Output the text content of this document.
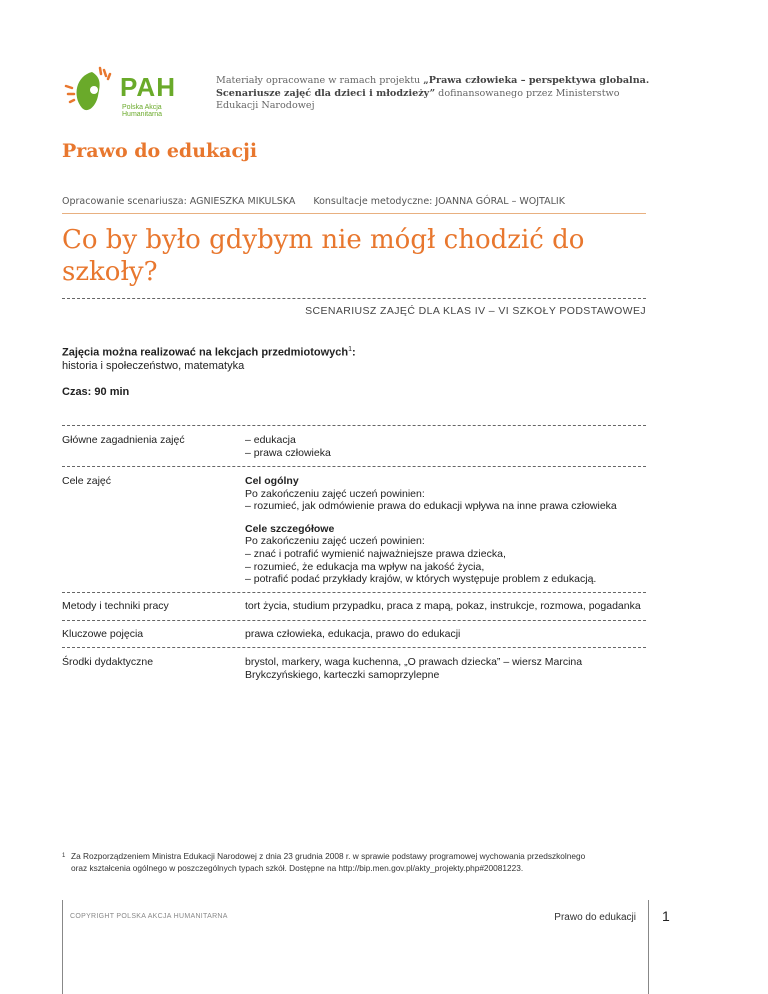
PAH
Polska Akcja Humanitarna
Materiały opracowane w ramach projektu „Prawa człowieka – perspektywa globalna.
Scenariusze zajęć dla dzieci i młodzieży” dofinansowanego przez Ministerstwo
Edukacji Narodowej
Prawo do edukacji
Opracowanie scenariusza: AGNIESZKA MIKULSKA Konsultacje metodyczne: JOANNA GÓRAL – WOJTALIK
Co by było gdybym nie mógł chodzić do szkoły?
SCENARIUSZ ZAJĘĆ DLA KLAS IV – VI SZKOŁY PODSTAWOWEJ
Zajęcia można realizować na lekcjach przedmiotowych$^1$:
historia i społeczeństwo, matematyka
Czas: 90 min
Główne zagadnienia zajęć	– edukacja

– prawa człowieka

Cele zajęć	Cel ogólny

Po zakończeniu zajęć uczeń powinien:

– rozumieć, jak odmówienie prawa do edukacji wpływa na inne prawa człowieka

Cele szczegółowe

Po zakończeniu zajęć uczeń powinien:

– znać i potrafić wymienić najważniejsze prawa dziecka,

– rozumieć, że edukacja ma wpływ na jakość życia,

– potrafić podać przykłady krajów, w których występuje problem z edukacją.

Metody i techniki pracy	tort życia, studium przypadku, praca z mapą, pokaz, instrukcje, rozmowa, pogadanka
Kluczowe pojęcia	prawa człowieka, edukacja, prawo do edukacji
Środki dydaktyczne	brystol, markery, waga kuchenna, „O prawach dziecka” – wiersz Marcina

Brykczyńskiego, karteczki samoprzylepne

1 Za Rozporządzeniem Ministra Edukacji Narodowej z dnia 23 grudnia 2008 r. w sprawie podstawy programowej wychowania przedszkolnego
oraz kształcenia ogólnego w poszczególnych typach szkół. Dostępne na http://bip.men.gov.pl/akty_projekty.php#20081223.
COPYRIGHT POLSKA AKCJA HUMANITARNA	Prawo do edukacji 1
